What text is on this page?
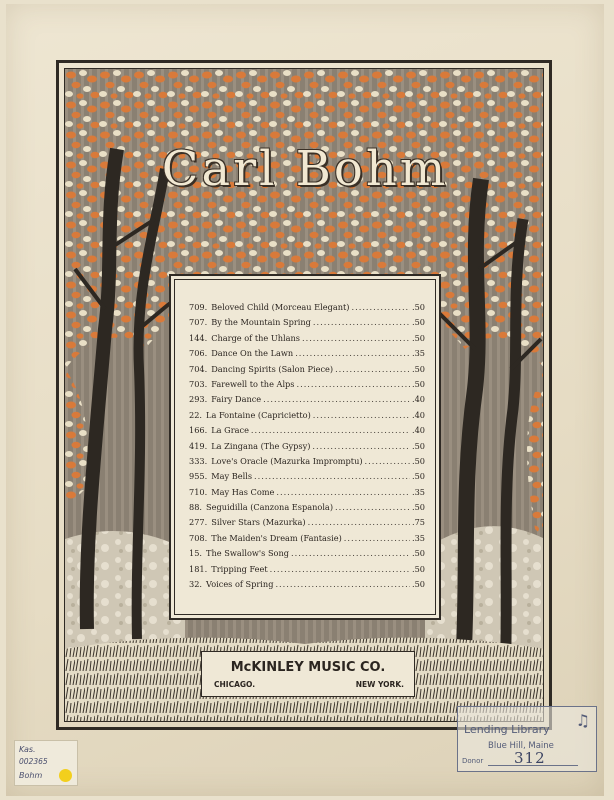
Carl Bohm
709. Beloved Child (Morceau Elegant) .....	.50
707. By the Mountain Spring .....	.50
144. Charge of the Uhlans .....	.50
706. Dance On the Lawn .....	.35
704. Dancing Spirits (Salon Piece) .....	.50
703. Farewell to the Alps .....	.50
293. Fairy Dance .....	.40
22. La Fontaine (Capricietto) .....	.40
166. La Grace .....	.40
419. La Zingana (The Gypsy) .....	.50
333. Love's Oracle (Mazurka Impromptu) .....	.50
955. May Bells .....	.50
710. May Has Come .....	.35
88. Seguidilla (Canzona Espanola) .....	.50
277. Silver Stars (Mazurka) .....	.75
708. The Maiden's Dream (Fantasie) .....	.35
15. The Swallow's Song .....	.50
181. Tripping Feet .....	.50
32. Voices of Spring .....	.50
McKINLEY MUSIC CO.
CHICAGO.	NEW YORK.
♫
Lending Library
Blue Hill, Maine
Donor 312
Kas.
002365
Bohm
